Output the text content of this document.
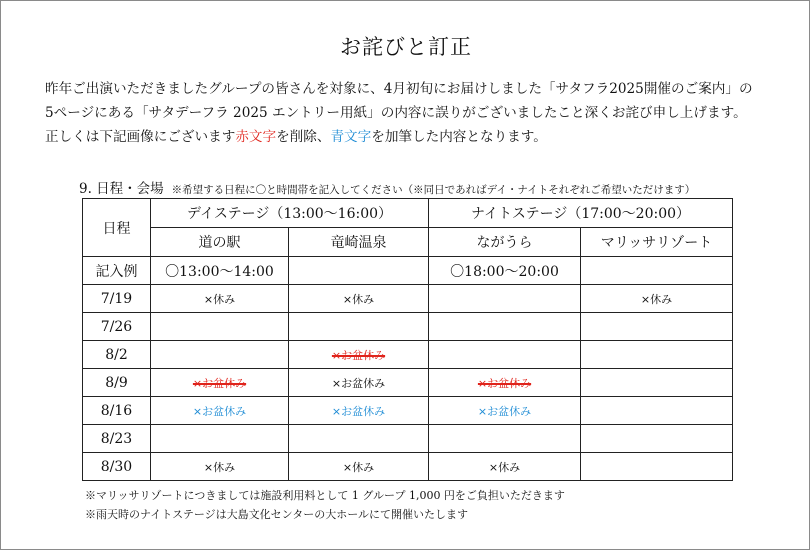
お詫びと訂正
昨年ご出演いただきましたグループの皆さんを対象に、4月初旬にお届けしました「サタフラ2025開催のご案内」の
5ページにある「サタデーフラ 2025 エントリー用紙」の内容に誤りがございましたこと深くお詫び申し上げます。
正しくは下記画像にございます赤文字を削除、青文字を加筆した内容となります。
9. 日程・会場 ※希望する日程に〇と時間帯を記入してください（※同日であればデイ・ナイトそれぞれご希望いただけます）
日程	デイステージ（13:00〜16:00）		ナイトステージ（17:00〜20:00）	
	道の駅	竜崎温泉	ながうら	マリッサリゾート
記入例	〇13:00〜14:00		〇18:00〜20:00	
7/19	×休み	×休み		×休み
7/26				
8/2		×お盆休み		
8/9	×お盆休み	×お盆休み	×お盆休み	
8/16	×お盆休み	×お盆休み	×お盆休み	
8/23				
8/30	×休み	×休み	×休み	
※マリッサリゾートにつきましては施設利用料として 1 グループ 1,000 円をご負担いただきます
※雨天時のナイトステージは大島文化センターの大ホールにて開催いたします
